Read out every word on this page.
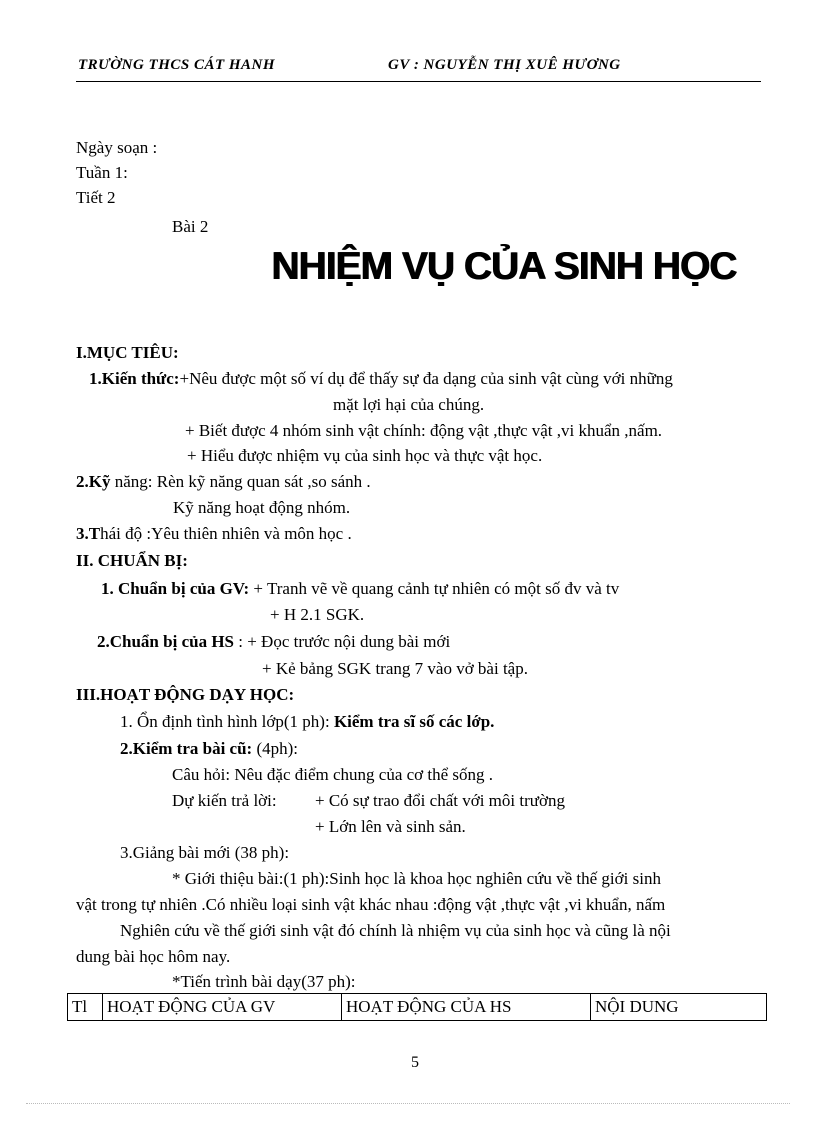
TRƯỜNG THCS CÁT HANH	GV : NGUYỄN THỊ XUÊ HƯƠNG
Ngày soạn :
Tuần 1:
Tiết 2
Bài 2
NHIỆM VỤ CỦA SINH HỌC
I.MỤC TIÊU:
1.Kiến thức:+Nêu được một số ví dụ để thấy sự đa dạng của sinh vật cùng với những
mặt lợi hại của chúng.
+ Biết được 4 nhóm sinh vật chính: động vật ,thực vật ,vi khuẩn ,nấm.
+ Hiểu được nhiệm vụ của sinh học và thực vật học.
2.Kỹ năng: Rèn kỹ năng quan sát ,so sánh .
Kỹ năng hoạt động nhóm.
3.Thái độ :Yêu thiên nhiên và môn học .
II. CHUẨN BỊ:
1. Chuẩn bị của GV: + Tranh vẽ về quang cảnh tự nhiên có một số đv và tv
+ H 2.1 SGK.
2.Chuẩn bị của HS : + Đọc trước nội dung bài mới
+ Kẻ bảng SGK trang 7 vào vở bài tập.
III.HOẠT ĐỘNG DẠY HỌC:
1. Ổn định tình hình lớp(1 ph): Kiểm tra sĩ số các lớp.
2.Kiểm tra bài cũ: (4ph):
Câu hỏi: Nêu đặc điểm chung của cơ thể sống .
Dự kiến trả lời: + Có sự trao đổi chất với môi trường
+ Lớn lên và sinh sản.
3.Giảng bài mới (38 ph):
* Giới thiệu bài:(1 ph):Sinh học là khoa học nghiên cứu về thế giới sinh
vật trong tự nhiên .Có nhiều loại sinh vật khác nhau :động vật ,thực vật ,vi khuẩn, nấm
Nghiên cứu về thế giới sinh vật đó chính là nhiệm vụ của sinh học và cũng là nội
dung bài học hôm nay.
*Tiến trình bài dạy(37 ph):
Tl	HOẠT ĐỘNG CỦA GV	HOẠT ĐỘNG CỦA HS	NỘI DUNG
5
